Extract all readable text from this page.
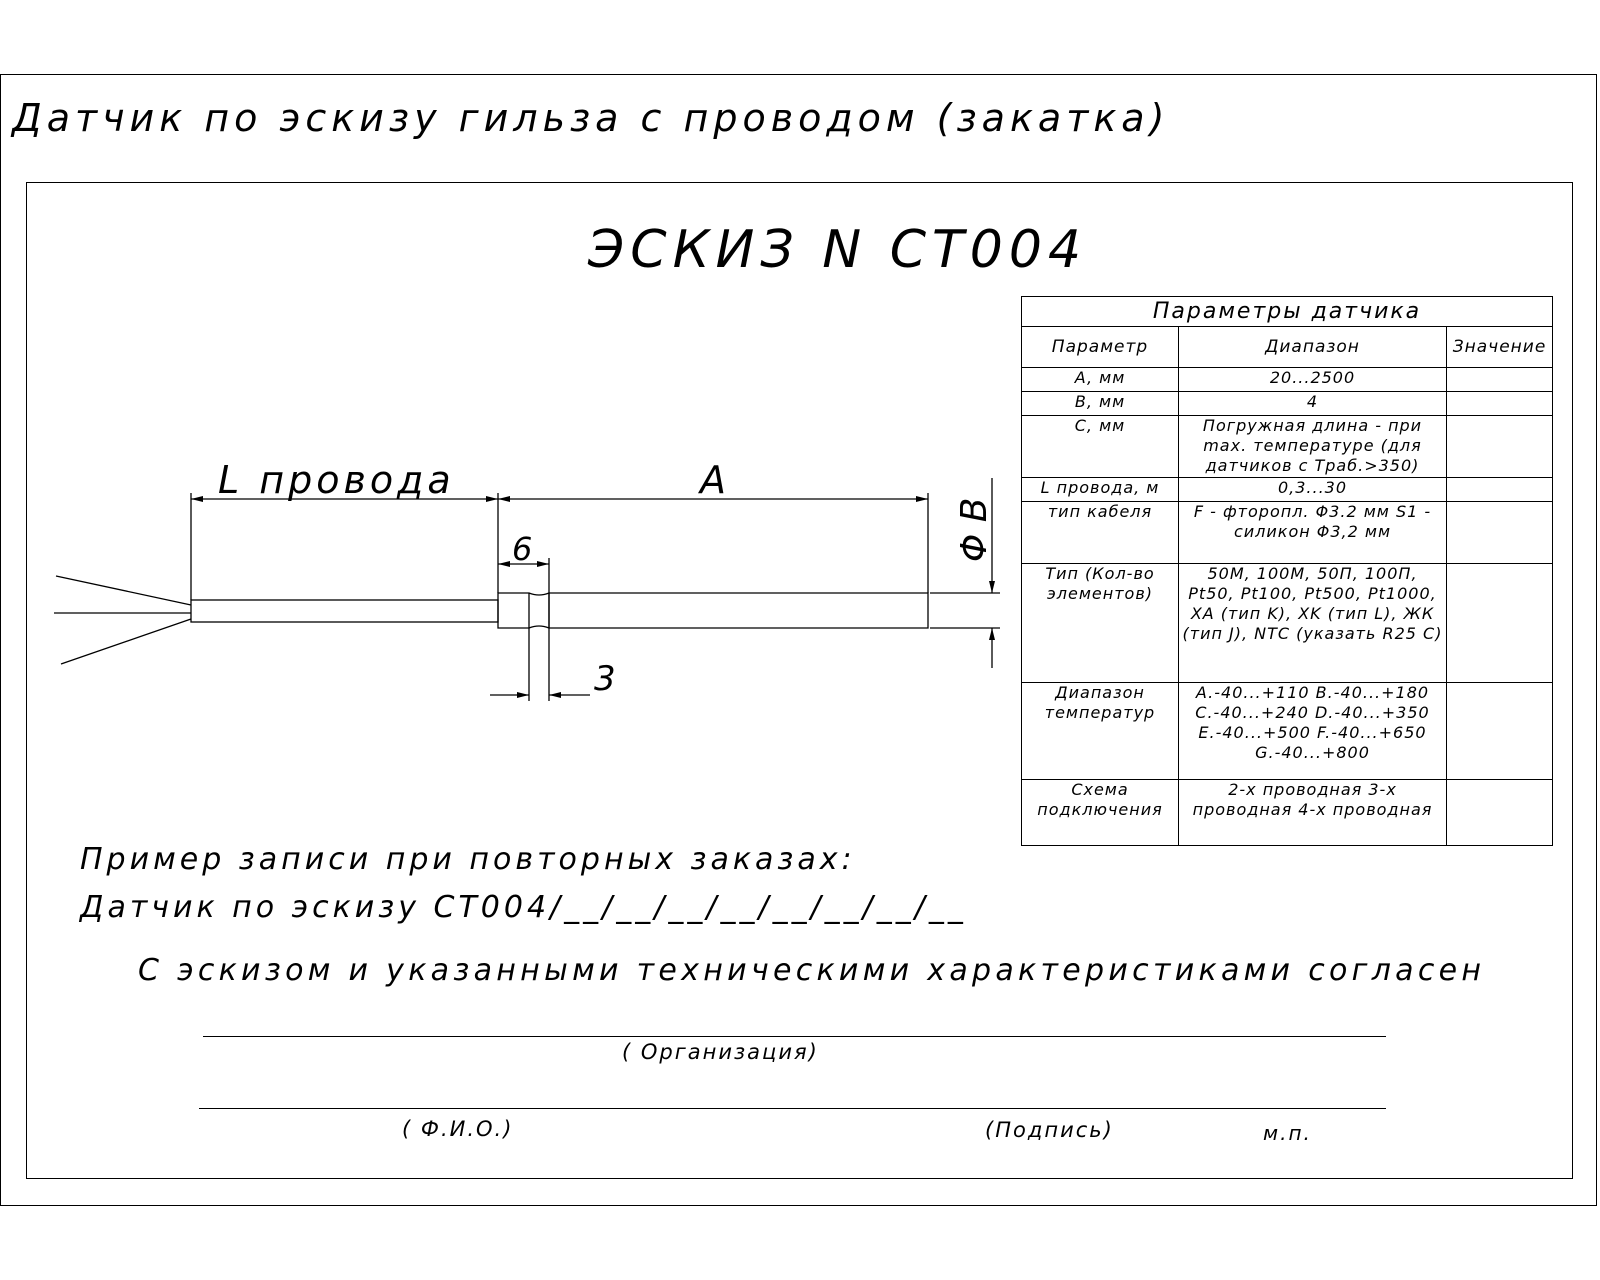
Датчик по эскизу гильза с проводом (закатка)
ЭСКИЗ N CT004
L провода	A
6
3
Φ B
Параметры датчика		
Параметр	Диапазон	Значение
A, мм	20...2500	
B, мм	4	
C, мм	Погружная длина - при max. температуре (для датчиков с Tраб.>350)	
L провода, м	0,3...30	
тип кабеля	F - фторопл. Φ3.2 мм S1 - силикон Φ3,2 мм	
Тип (Кол-во элементов)	50M, 100M, 50П, 100П, Pt50, Pt100, Pt500, Pt1000, XA (тип K), XK (тип L), ЖК (тип J), NTC (указать R25 C)	
Диапазон температур	A.-40...+110 B.-40...+180 C.-40...+240 D.-40...+350 E.-40...+500 F.-40...+650 G.-40...+800	
Схема подключения	2-х проводная 3-х проводная 4-х проводная	
Пример записи при повторных заказах:
Датчик по эскизу CT004/__/__/__/__/__/__/__/__
С эскизом и указанными техническими характеристиками согласен
( Организация)
( Ф.И.О.)	(Подпись)	м.п.
